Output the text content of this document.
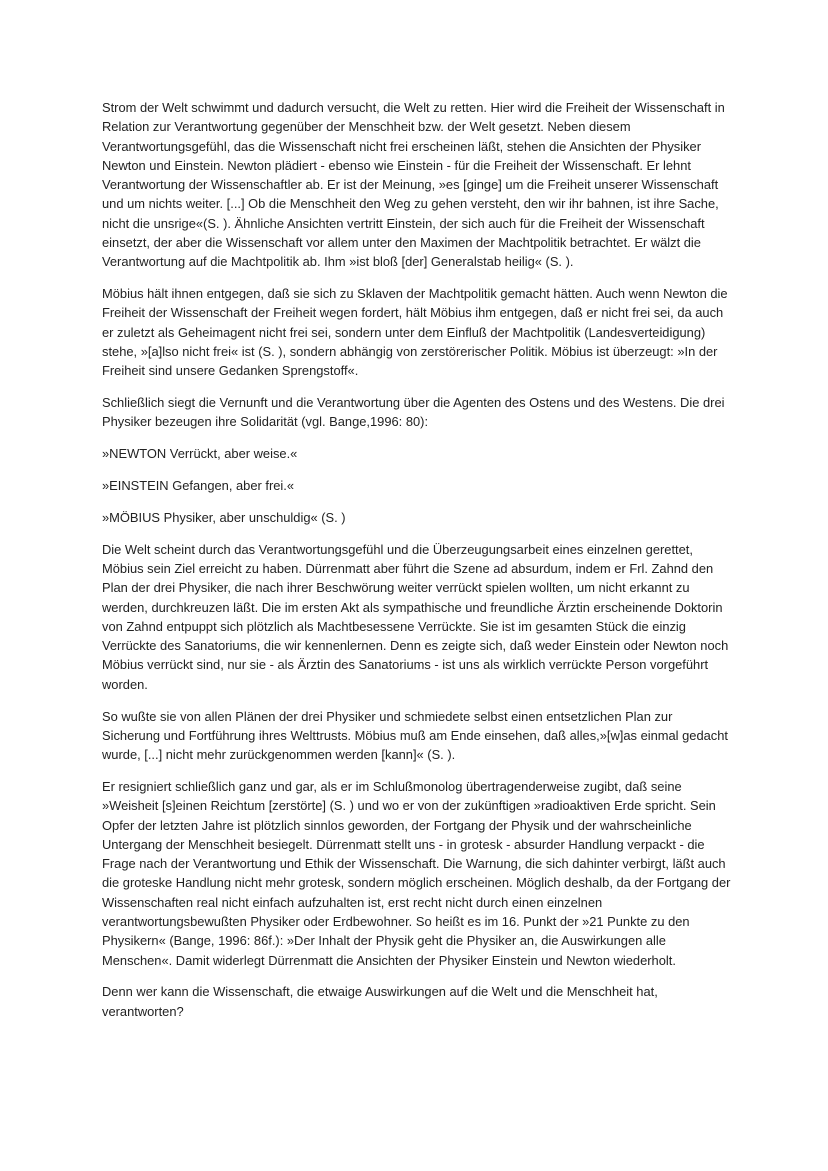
Strom der Welt schwimmt und dadurch versucht, die Welt zu retten. Hier wird die Freiheit der Wissenschaft in Relation zur Verantwortung gegenüber der Menschheit bzw. der Welt gesetzt. Neben diesem Verantwortungsgefühl, das die Wissenschaft nicht frei erscheinen läßt, stehen die Ansichten der Physiker Newton und Einstein. Newton plädiert - ebenso wie Einstein - für die Freiheit der Wissenschaft. Er lehnt Verantwortung der Wissenschaftler ab. Er ist der Meinung, »es [ginge] um die Freiheit unserer Wissenschaft und um nichts weiter. [...] Ob die Menschheit den Weg zu gehen versteht, den wir ihr bahnen, ist ihre Sache, nicht die unsrige«(S. ). Ähnliche Ansichten vertritt Einstein, der sich auch für die Freiheit der Wissenschaft einsetzt, der aber die Wissenschaft vor allem unter den Maximen der Machtpolitik betrachtet. Er wälzt die Verantwortung auf die Machtpolitik ab. Ihm »ist bloß [der] Generalstab heilig« (S. ).

Möbius hält ihnen entgegen, daß sie sich zu Sklaven der Machtpolitik gemacht hätten. Auch wenn Newton die Freiheit der Wissenschaft der Freiheit wegen fordert, hält Möbius ihm entgegen, daß er nicht frei sei, da auch er zuletzt als Geheimagent nicht frei sei, sondern unter dem Einfluß der Machtpolitik (Landesverteidigung) stehe, »[a]lso nicht frei« ist (S. ), sondern abhängig von zerstörerischer Politik. Möbius ist überzeugt: »In der Freiheit sind unsere Gedanken Sprengstoff«.

Schließlich siegt die Vernunft und die Verantwortung über die Agenten des Ostens und des Westens. Die drei Physiker bezeugen ihre Solidarität (vgl. Bange,1996: 80):

»NEWTON Verrückt, aber weise.«

»EINSTEIN Gefangen, aber frei.«

»MÖBIUS Physiker, aber unschuldig« (S. )

Die Welt scheint durch das Verantwortungsgefühl und die Überzeugungsarbeit eines einzelnen gerettet, Möbius sein Ziel erreicht zu haben. Dürrenmatt aber führt die Szene ad absurdum, indem er Frl. Zahnd den Plan der drei Physiker, die nach ihrer Beschwörung weiter verrückt spielen wollten, um nicht erkannt zu werden, durchkreuzen läßt. Die im ersten Akt als sympathische und freundliche Ärztin erscheinende Doktorin von Zahnd entpuppt sich plötzlich als Machtbesessene Verrückte. Sie ist im gesamten Stück die einzig Verrückte des Sanatoriums, die wir kennenlernen. Denn es zeigte sich, daß weder Einstein oder Newton noch Möbius verrückt sind, nur sie - als Ärztin des Sanatoriums - ist uns als wirklich verrückte Person vorgeführt worden.

So wußte sie von allen Plänen der drei Physiker und schmiedete selbst einen entsetzlichen Plan zur Sicherung und Fortführung ihres Welttrusts. Möbius muß am Ende einsehen, daß alles,»[w]as einmal gedacht wurde, [...] nicht mehr zurückgenommen werden [kann]« (S. ).

Er resigniert schließlich ganz und gar, als er im Schlußmonolog übertragenderweise zugibt, daß seine »Weisheit [s]einen Reichtum [zerstörte] (S. ) und wo er von der zukünftigen »radioaktiven Erde spricht. Sein Opfer der letzten Jahre ist plötzlich sinnlos geworden, der Fortgang der Physik und der wahrscheinliche Untergang der Menschheit besiegelt. Dürrenmatt stellt uns - in grotesk - absurder Handlung verpackt - die Frage nach der Verantwortung und Ethik der Wissenschaft. Die Warnung, die sich dahinter verbirgt, läßt auch die groteske Handlung nicht mehr grotesk, sondern möglich erscheinen. Möglich deshalb, da der Fortgang der Wissenschaften real nicht einfach aufzuhalten ist, erst recht nicht durch einen einzelnen verantwortungsbewußten Physiker oder Erdbewohner. So heißt es im 16. Punkt der »21 Punkte zu den Physikern« (Bange, 1996: 86f.): »Der Inhalt der Physik geht die Physiker an, die Auswirkungen alle Menschen«. Damit widerlegt Dürrenmatt die Ansichten der Physiker Einstein und Newton wiederholt.

Denn wer kann die Wissenschaft, die etwaige Auswirkungen auf die Welt und die Menschheit hat, verantworten?
